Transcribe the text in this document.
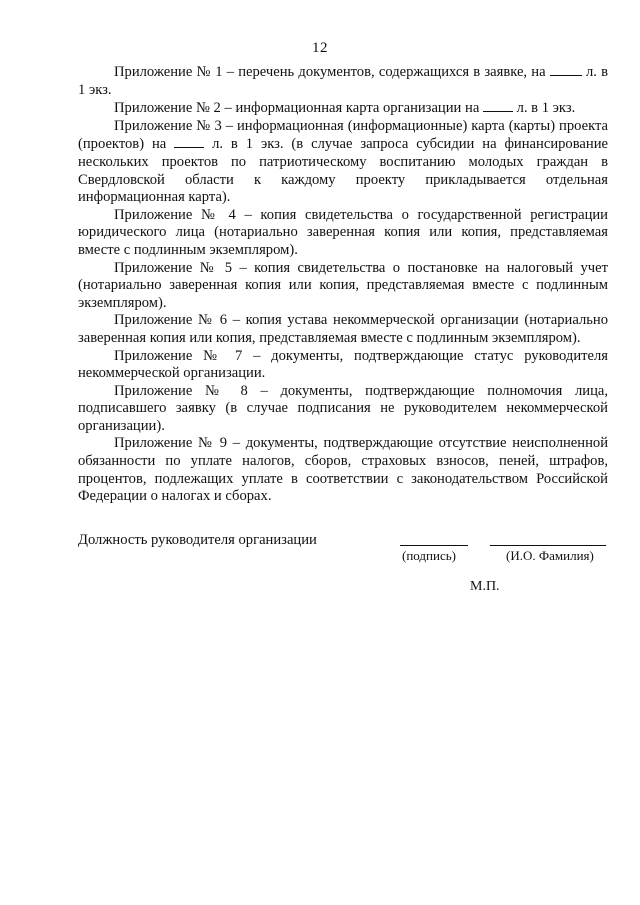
12

Приложение № 1 – перечень документов, содержащихся в заявке, на  л. в 1 экз.

Приложение № 2 – информационная карта организации на  л. в 1 экз.

Приложение № 3 – информационная (информационные) карта (карты) проекта (проектов) на  л. в 1 экз. (в случае запроса субсидии на финансирование нескольких проектов по патриотическому воспитанию молодых граждан в Свердловской области к каждому проекту прикладывается отдельная информационная карта).

Приложение № 4 – копия свидетельства о государственной регистрации юридического лица (нотариально заверенная копия или копия, представляемая вместе с подлинным экземпляром).

Приложение № 5 – копия свидетельства о постановке на налоговый учет (нотариально заверенная копия или копия, представляемая вместе с подлинным экземпляром).

Приложение № 6 – копия устава некоммерческой организации (нотариально заверенная копия или копия, представляемая вместе с подлинным экземпляром).

Приложение № 7 – документы, подтверждающие статус руководителя некоммерческой организации.

Приложение № 8 – документы, подтверждающие полномочия лица, подписавшего заявку (в случае подписания не руководителем некоммерческой организации).

Приложение № 9 – документы, подтверждающие отсутствие неисполненной обязанности по уплате налогов, сборов, страховых взносов, пеней, штрафов, процентов, подлежащих уплате в соответствии с законодательством Российской Федерации о налогах и сборах.

Должность руководителя организации
(подпись)	(И.О. Фамилия)
М.П.
